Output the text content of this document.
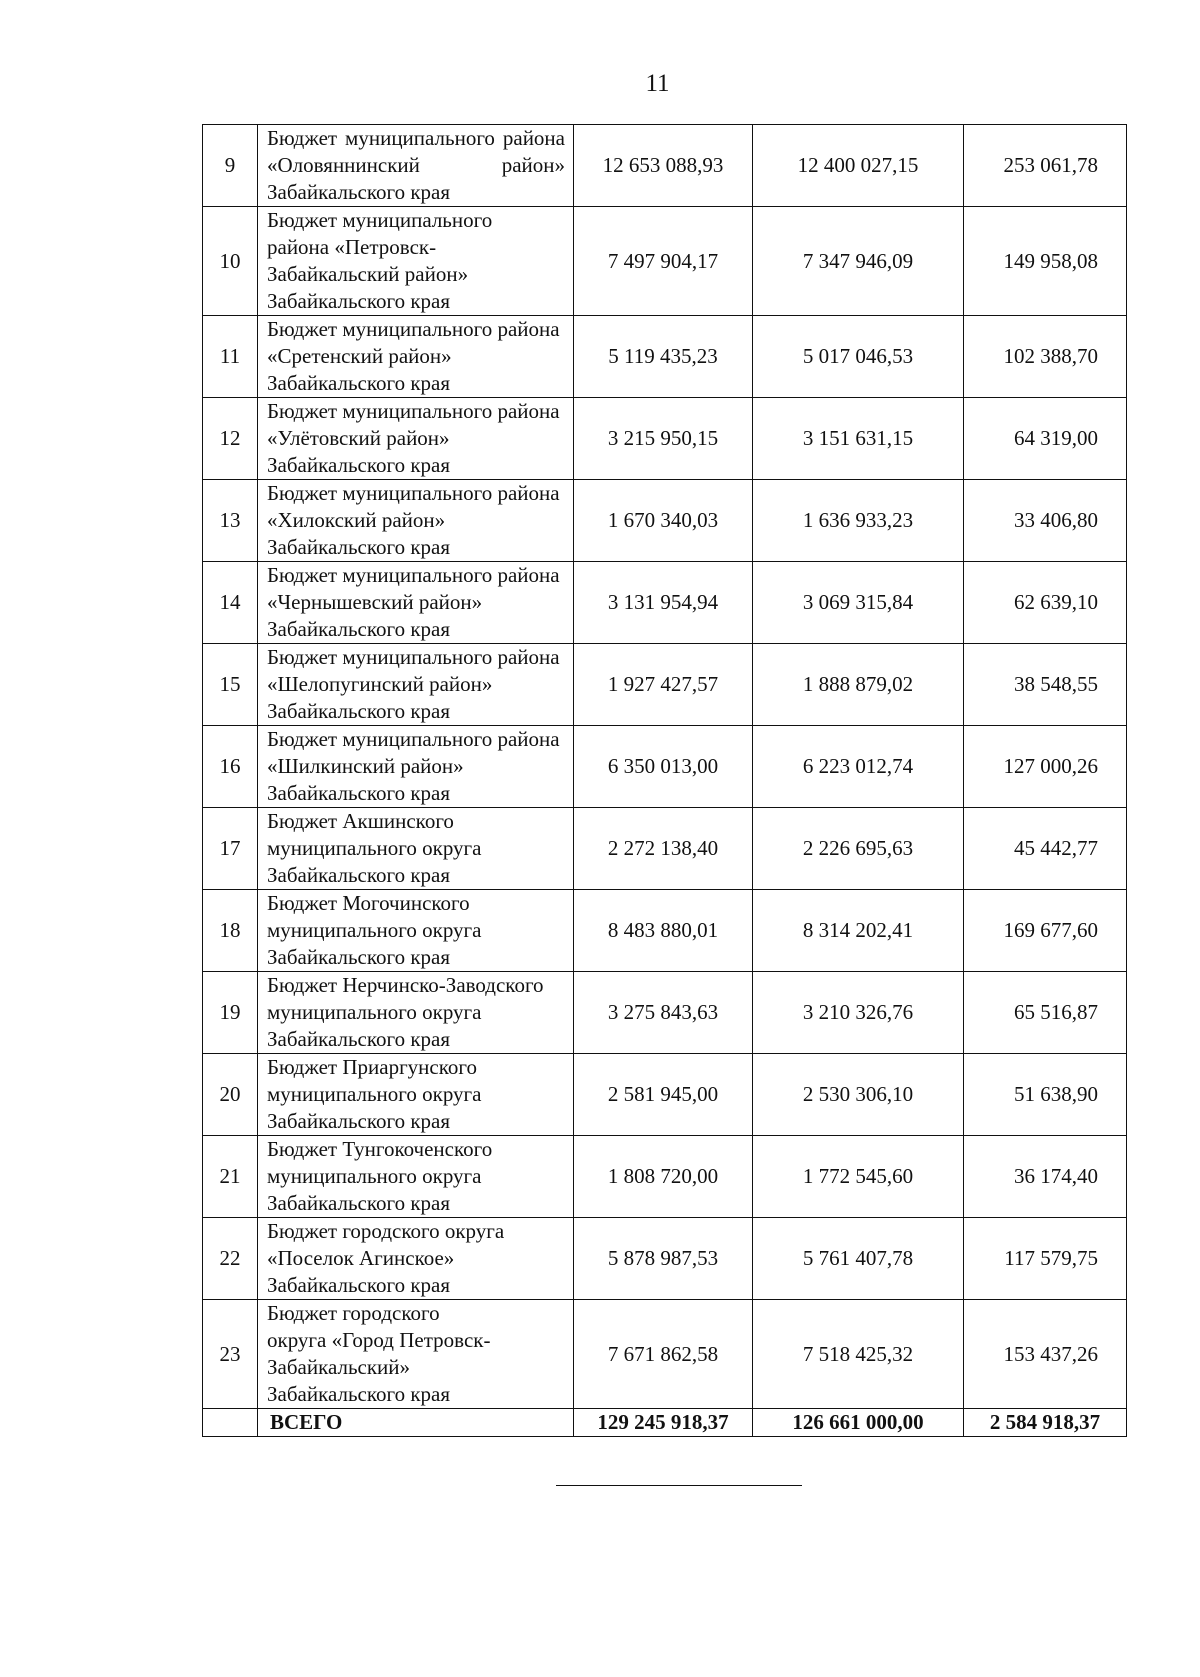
11
9	Бюджет муниципального района «Оловяннинский район» Забайкальского края	12 653 088,93	12 400 027,15	253 061,78
10	Бюджет муниципального района «Петровск-Забайкальский район» Забайкальского края	7 497 904,17	7 347 946,09	149 958,08
11	Бюджет муниципального района «Сретенский район» Забайкальского края	5 119 435,23	5 017 046,53	102 388,70
12	Бюджет муниципального района «Улётовский район» Забайкальского края	3 215 950,15	3 151 631,15	64 319,00
13	Бюджет муниципального района «Хилокский район» Забайкальского края	1 670 340,03	1 636 933,23	33 406,80
14	Бюджет муниципального района «Чернышевский район» Забайкальского края	3 131 954,94	3 069 315,84	62 639,10
15	Бюджет муниципального района «Шелопугинский район» Забайкальского края	1 927 427,57	1 888 879,02	38 548,55
16	Бюджет муниципального района «Шилкинский район» Забайкальского края	6 350 013,00	6 223 012,74	127 000,26
17	Бюджет Акшинского муниципального округа Забайкальского края	2 272 138,40	2 226 695,63	45 442,77
18	Бюджет Могочинского муниципального округа Забайкальского края	8 483 880,01	8 314 202,41	169 677,60
19	Бюджет Нерчинско-Заводского муниципального округа Забайкальского края	3 275 843,63	3 210 326,76	65 516,87
20	Бюджет Приаргунского муниципального округа Забайкальского края	2 581 945,00	2 530 306,10	51 638,90
21	Бюджет Тунгокоченского муниципального округа Забайкальского края	1 808 720,00	1 772 545,60	36 174,40
22	Бюджет городского округа «Поселок Агинское» Забайкальского края	5 878 987,53	5 761 407,78	117 579,75
23	Бюджет городского округа «Город Петровск-Забайкальский» Забайкальского края	7 671 862,58	7 518 425,32	153 437,26
	ВСЕГО	129 245 918,37	126 661 000,00	2 584 918,37
